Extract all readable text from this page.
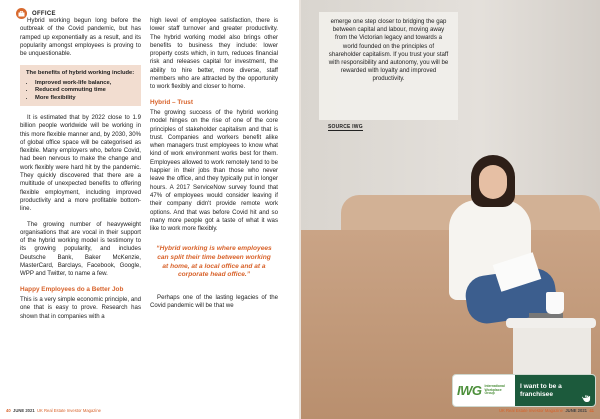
OFFICE

Hybrid working begun long before the outbreak of the Covid pandemic, but has ramped up exponentially as a result, and its popularity amongst employees is proving to be unquestionable.

The benefits of hybrid working include:
• Improved work-life balance,
• Reduced commuting time
• More flexibility

It is estimated that by 2022 close to 1.9 billion people worldwide will be working in this more flexible manner and, by 2030, 30% of global office space will be categorised as flexible. Many employers who, before Covid, had been nervous to make the change and work flexibly were hard hit by the pandemic. They quickly discovered that there are a multitude of unexpected benefits to offering flexible employment, including improved productivity and a more profitable bottom-line.

The growing number of heavyweight organisations that are vocal in their support of the hybrid working model is testimony to its growing popularity, and includes Deutsche Bank, Baker McKenzie, MasterCard, Barclays, Facebook, Google, WPP and Twitter, to name a few.

Happy Employees do a Better Job

This is a very simple economic principle, and one that is easy to prove. Research has shown that in companies with a

high level of employee satisfaction, there is lower staff turnover and greater productivity. The hybrid working model also brings other benefits to business they include: lower property costs which, in turn, reduces financial risk and releases capital for investment, the ability to hire better, more diverse, staff members who are attracted by the opportunity to work flexibly and closer to home.

Hybrid – Trust

The growing success of the hybrid working model hinges on the rise of one of the core principles of stakeholder capitalism and that is trust. Companies and workers benefit alike when managers trust employees to know what kind of work environment works best for them. Employees allowed to work remotely tend to be happier in their jobs than those who never leave the office, and they typically put in longer hours. A 2017 ServiceNow survey found that 47% of employees would consider leaving if their company didn't provide remote work options. And that was before Covid hit and so many more people got a taste of what it was like to work more flexibly.

“Hybrid working is where employees can split their time between working at home, at a local office and at a corporate head office.”

Perhaps one of the lasting legacies of the Covid pandemic will be that we

emerge one step closer to bridging the gap between capital and labour, moving away from the Victorian legacy and towards a world founded on the principles of shareholder capitalism. If you trust your staff with responsibility and autonomy, you will be rewarded with loyalty and improved productivity.

SOURCE IWG
IWG International
Workplace
Group
I want to be a franchisee
40 JUNE 2021 UK Real Estate Investor Magazine	UK Real Estate Investor Magazine JUNE 2021 41
